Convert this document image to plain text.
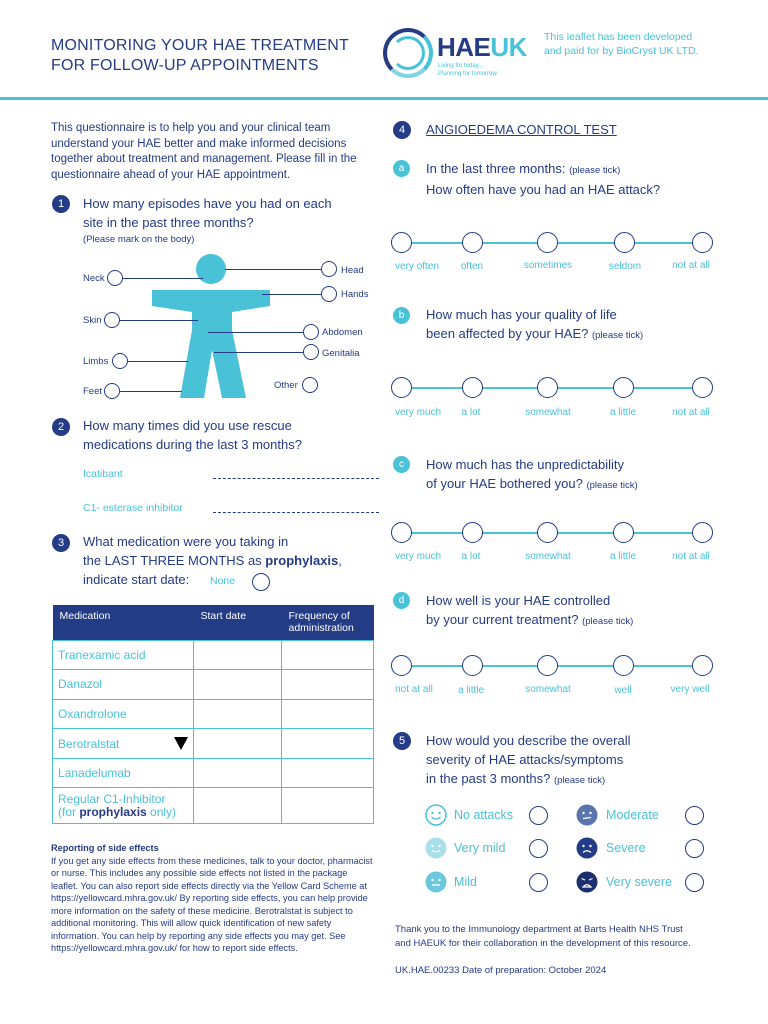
MONITORING YOUR HAE TREATMENT
FOR FOLLOW-UP APPOINTMENTS
HAEUK
Living for today...
Planning for tomorrow.
This leaflet has been developed
and paid for by BioCryst UK LTD.
This questionnaire is to help you and your clinical team understand your HAE better and make informed decisions together about treatment and management. Please fill in the questionnaire ahead of your HAE appointment.
1	How many episodes have you had on each
site in the past three months?
(Please mark on the body)
Neck
Skin
Limbs
Feet
Head
Hands
Abdomen
Genitalia
Other
2	How many times did you use rescue
medications during the last 3 months?
Icatibant
C1- esterase inhibitor
3	What medication were you taking in
the LAST THREE MONTHS as prophylaxis,
indicate start date:	None
Medication	Start date	Frequency of administration
Tranexamic acid		
Danazol		
Oxandrolone		
Berotralstat

Lanadelumab		

Regular C1-Inhibitor
(for prophylaxis only)		

Reporting of side effects
If you get any side effects from these medicines, talk to your doctor, pharmacist or nurse. This includes any possible side effects not listed in the package leaflet. You can also report side effects directly via the Yellow Card Scheme at https://yellowcard.mhra.gov.uk/ By reporting side effects, you can help provide more information on the safety of these medicine. Berotralstat is subject to additional monitoring. This will allow quick identification of new safety information. You can help by reporting any side effects you may get. See https://yellowcard.mhra.gov.uk/ for how to report side effects.
4	ANGIOEDEMA CONTROL TEST
a	In the last three months: (please tick)
How often have you had an HAE attack?
very often	often	sometimes	seldom	not at all
b	How much has your quality of life
been affected by your HAE? (please tick)
very much	a lot	somewhat	a little	not at all
c	How much has the unpredictability
of your HAE bothered you? (please tick)
very much	a lot	somewhat	a little	not at all
d	How well is your HAE controlled
by your current treatment? (please tick)
not at all	a little	somewhat	well	very well
5	How would you describe the overall
severity of HAE attacks/symptoms
in the past 3 months? (please tick)
No attacks
Very mild
Mild
Moderate
Severe
Very severe
Thank you to the Immunology department at Barts Health NHS Trust
and HAEUK for their collaboration in the development of this resource.
UK.HAE.00233 Date of preparation: October 2024
